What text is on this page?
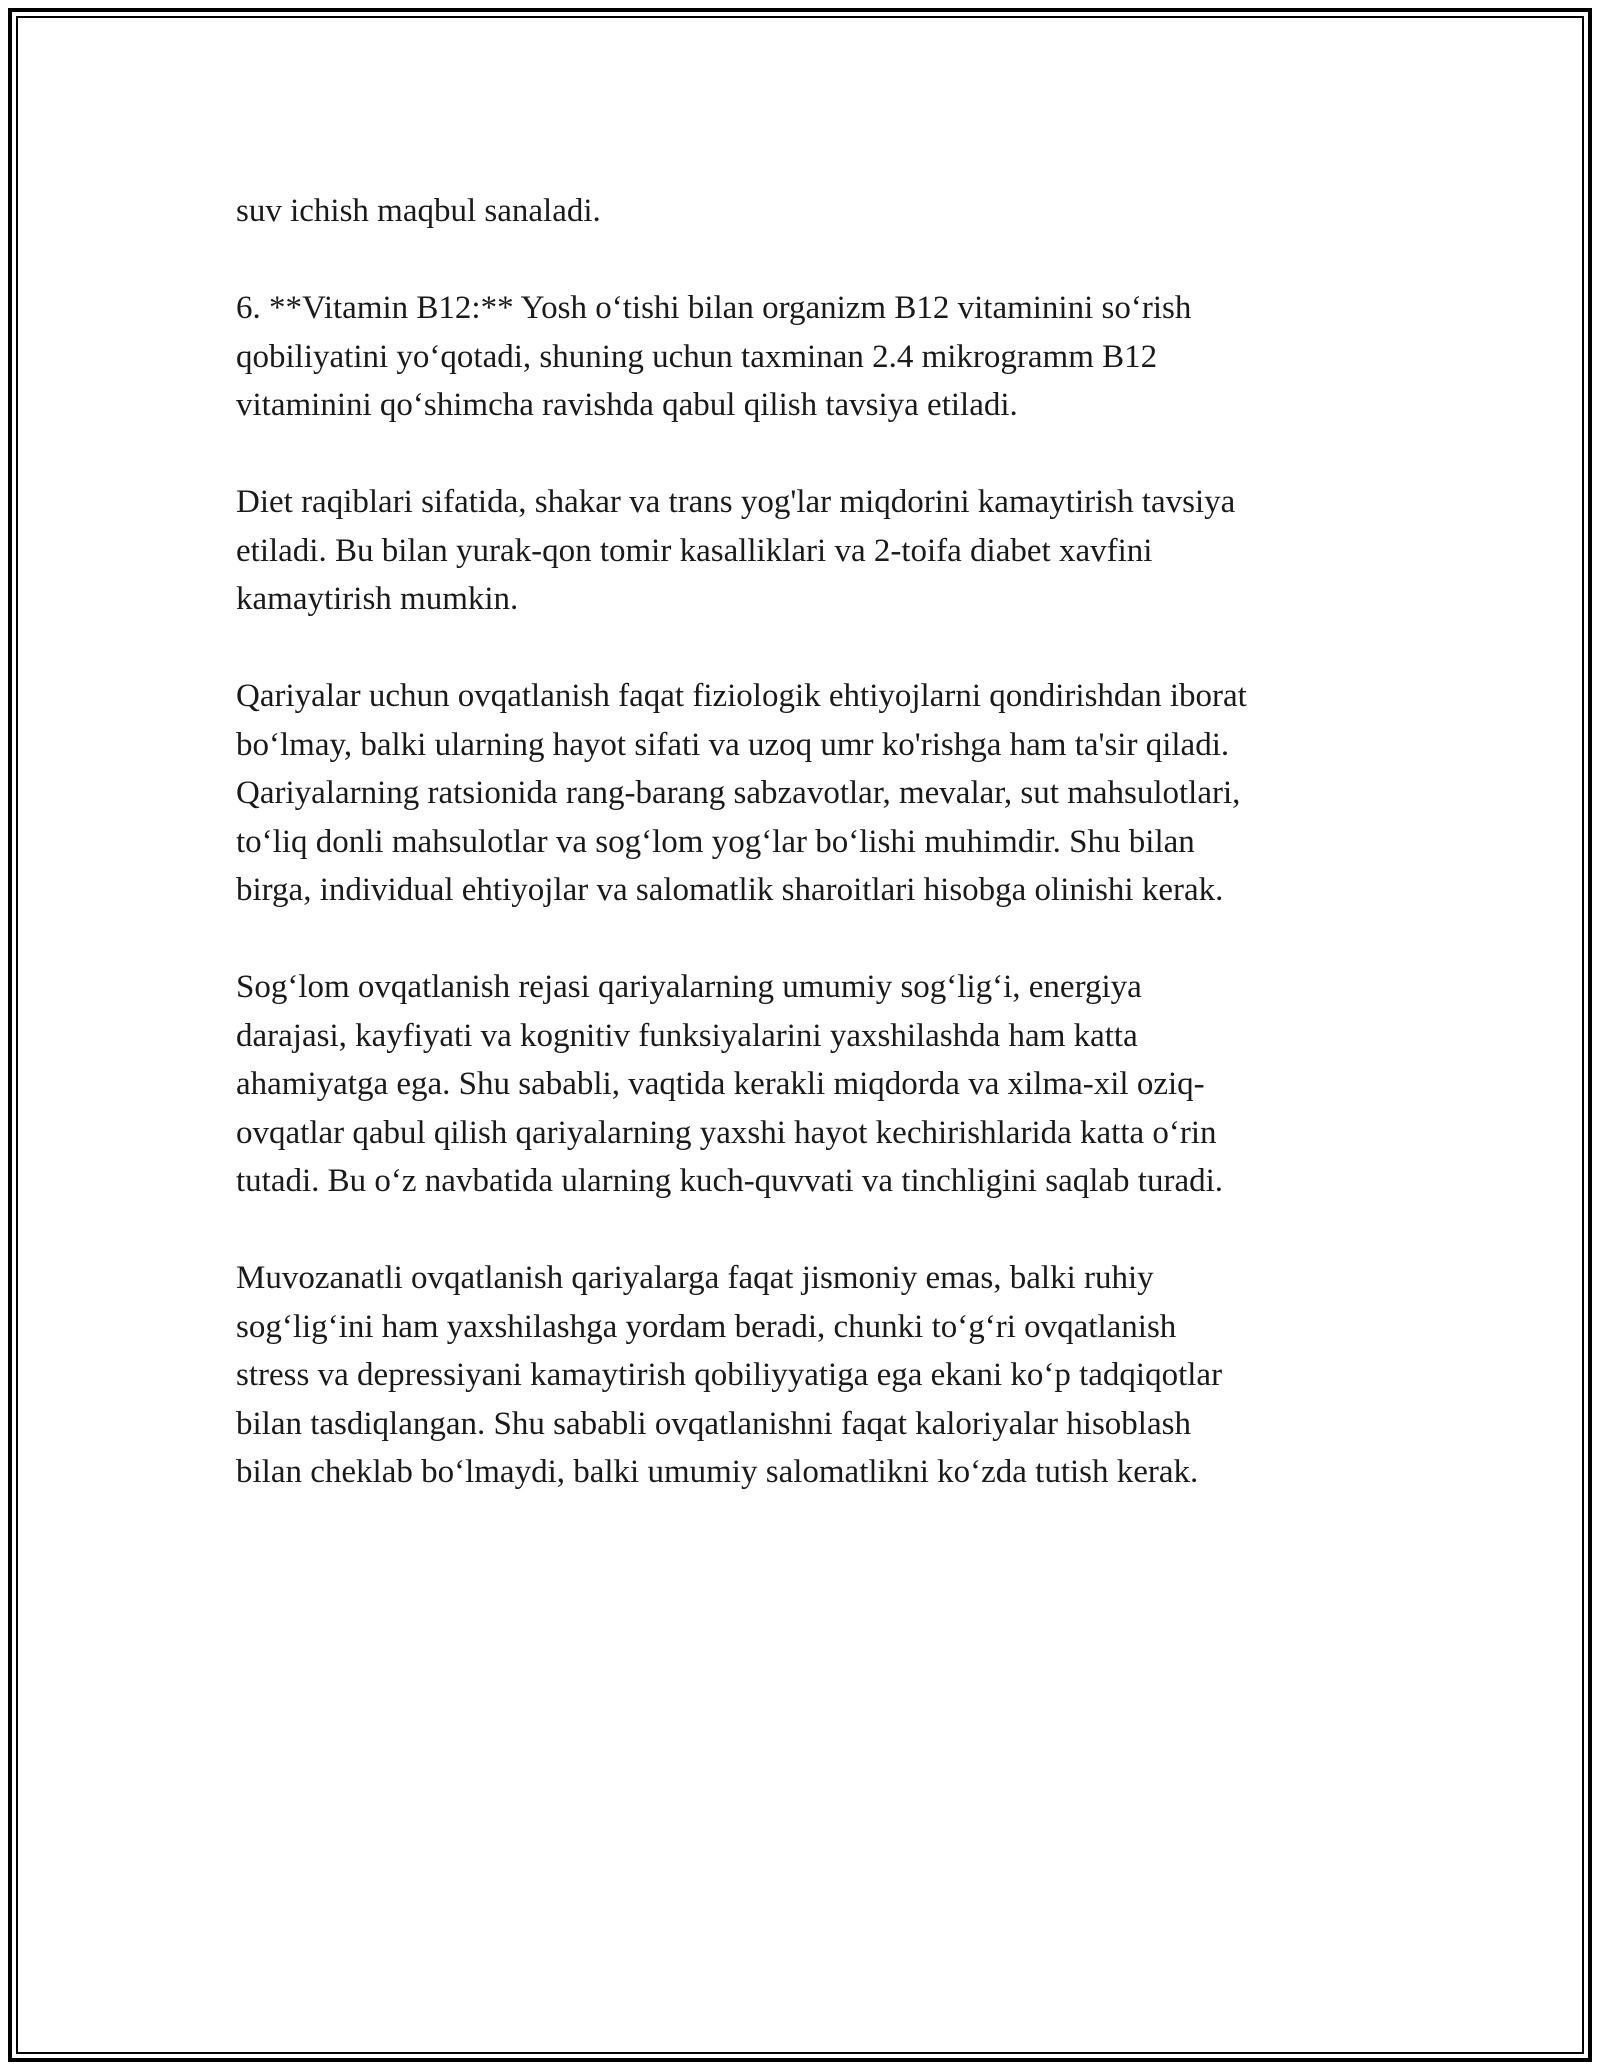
suv ichish maqbul sanaladi.

6. **Vitamin B12:** Yosh o‘tishi bilan organizm B12 vitaminini so‘rish
qobiliyatini yo‘qotadi, shuning uchun taxminan 2.4 mikrogramm B12
vitaminini qo‘shimcha ravishda qabul qilish tavsiya etiladi.

Diet raqiblari sifatida, shakar va trans yog'lar miqdorini kamaytirish tavsiya
etiladi. Bu bilan yurak-qon tomir kasalliklari va 2-toifa diabet xavfini
kamaytirish mumkin.

Qariyalar uchun ovqatlanish faqat fiziologik ehtiyojlarni qondirishdan iborat
bo‘lmay, balki ularning hayot sifati va uzoq umr ko'rishga ham ta'sir qiladi.
Qariyalarning ratsionida rang-barang sabzavotlar, mevalar, sut mahsulotlari,
to‘liq donli mahsulotlar va sog‘lom yog‘lar bo‘lishi muhimdir. Shu bilan
birga, individual ehtiyojlar va salomatlik sharoitlari hisobga olinishi kerak.

Sog‘lom ovqatlanish rejasi qariyalarning umumiy sog‘lig‘i, energiya
darajasi, kayfiyati va kognitiv funksiyalarini yaxshilashda ham katta
ahamiyatga ega. Shu sababli, vaqtida kerakli miqdorda va xilma-xil oziq-
ovqatlar qabul qilish qariyalarning yaxshi hayot kechirishlarida katta o‘rin
tutadi. Bu o‘z navbatida ularning kuch-quvvati va tinchligini saqlab turadi.

Muvozanatli ovqatlanish qariyalarga faqat jismoniy emas, balki ruhiy
sog‘lig‘ini ham yaxshilashga yordam beradi, chunki to‘g‘ri ovqatlanish
stress va depressiyani kamaytirish qobiliyyatiga ega ekani ko‘p tadqiqotlar
bilan tasdiqlangan. Shu sababli ovqatlanishni faqat kaloriyalar hisoblash
bilan cheklab bo‘lmaydi, balki umumiy salomatlikni ko‘zda tutish kerak.
